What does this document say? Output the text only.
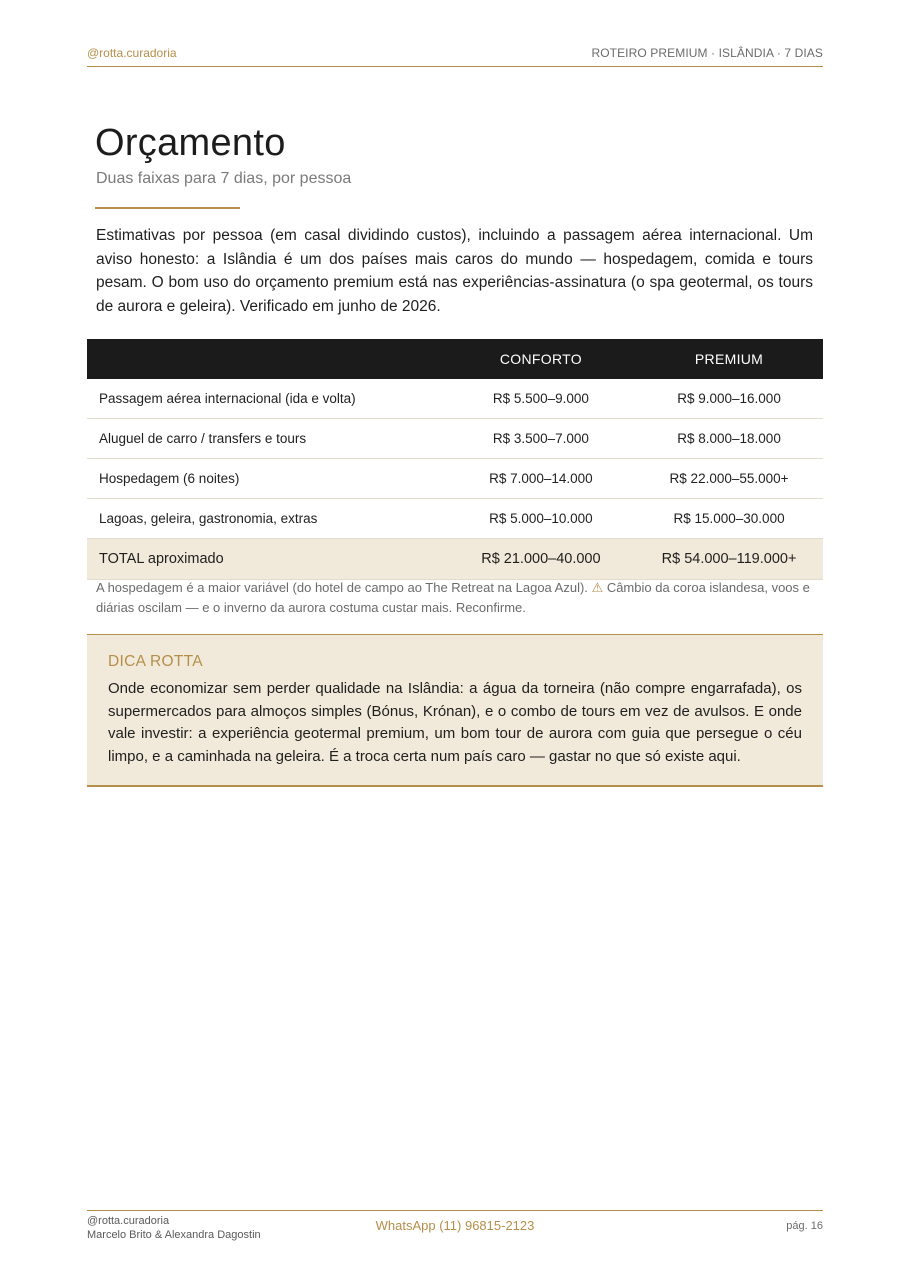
@rotta.curadoria	ROTEIRO PREMIUM · ISLÂNDIA · 7 DIAS
Orçamento
Duas faixas para 7 dias, por pessoa

Estimativas por pessoa (em casal dividindo custos), incluindo a passagem aérea internacional. Um aviso honesto: a Islândia é um dos países mais caros do mundo — hospedagem, comida e tours pesam. O bom uso do orçamento premium está nas experiências-assinatura (o spa geotermal, os tours de aurora e geleira). Verificado em junho de 2026.

	CONFORTO	PREMIUM
Passagem aérea internacional (ida e volta)	R$ 5.500–9.000	R$ 9.000–16.000
Aluguel de carro / transfers e tours	R$ 3.500–7.000	R$ 8.000–18.000
Hospedagem (6 noites)	R$ 7.000–14.000	R$ 22.000–55.000+
Lagoas, geleira, gastronomia, extras	R$ 5.000–10.000	R$ 15.000–30.000
TOTAL aproximado	R$ 21.000–40.000	R$ 54.000–119.000+
A hospedagem é a maior variável (do hotel de campo ao The Retreat na Lagoa Azul). ⚠ Câmbio da coroa islandesa, voos e diárias oscilam — e o inverno da aurora costuma custar mais. Reconfirme.
DICA ROTTA

Onde economizar sem perder qualidade na Islândia: a água da torneira (não compre engarrafada), os supermercados para almoços simples (Bónus, Krónan), e o combo de tours em vez de avulsos. E onde vale investir: a experiência geotermal premium, um bom tour de aurora com guia que persegue o céu limpo, e a caminhada na geleira. É a troca certa num país caro — gastar no que só existe aqui.

@rotta.curadoria
Marcelo Brito & Alexandra Dagostin
WhatsApp (11) 96815-2123	pág. 16
